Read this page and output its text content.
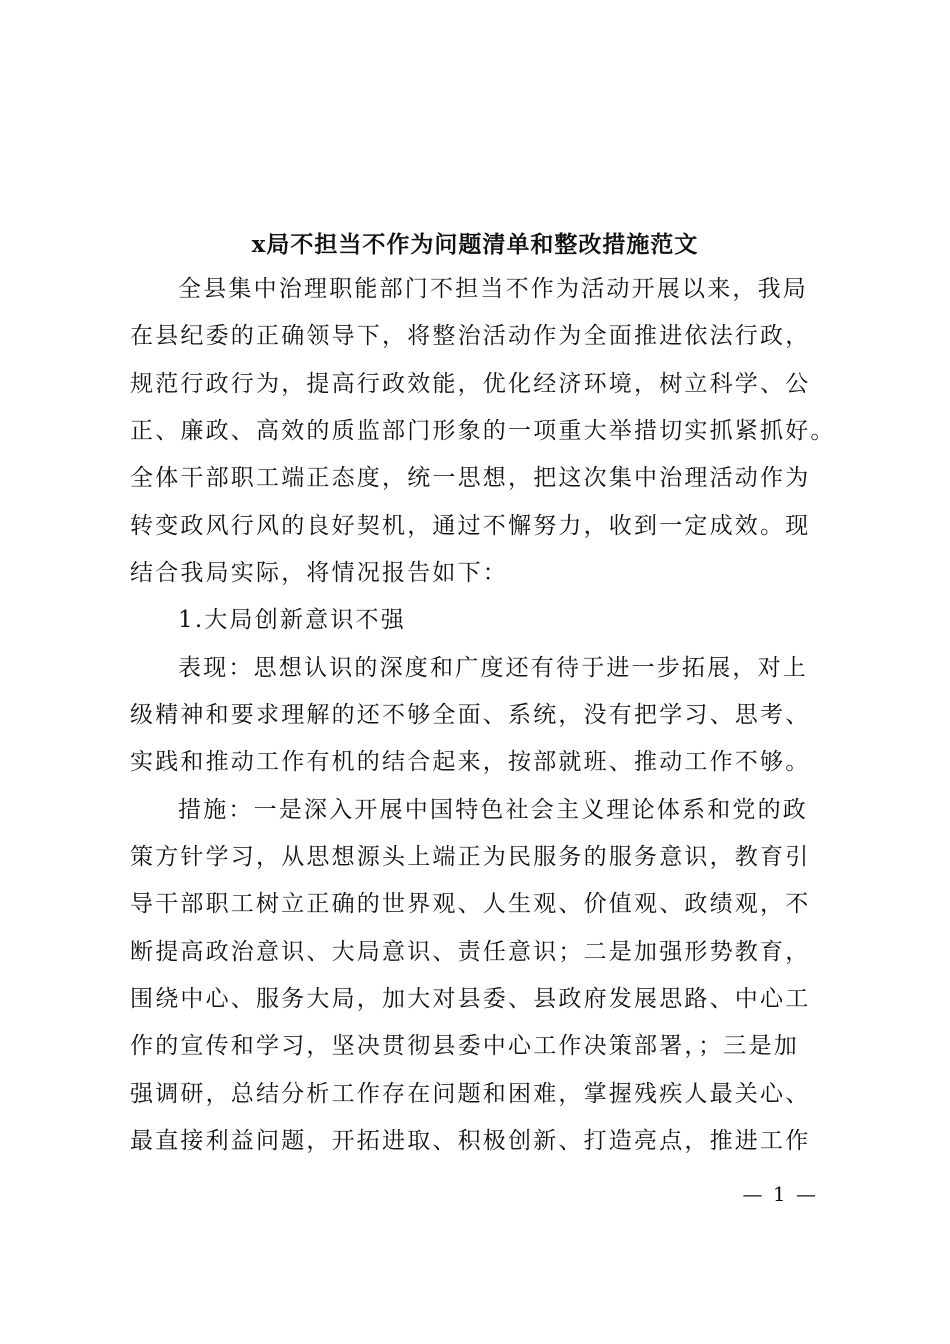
x局不担当不作为问题清单和整改措施范文
全县集中治理职能部门不担当不作为活动开展以来，我局
在县纪委的正确领导下，将整治活动作为全面推进依法行政，
规范行政行为，提高行政效能，优化经济环境，树立科学、公
正、廉政、高效的质监部门形象的一项重大举措切实抓紧抓好。
全体干部职工端正态度，统一思想，把这次集中治理活动作为
转变政风行风的良好契机，通过不懈努力，收到一定成效。现
结合我局实际，将情况报告如下：
1.大局创新意识不强
表现：思想认识的深度和广度还有待于进一步拓展，对上
级精神和要求理解的还不够全面、系统，没有把学习、思考、
实践和推动工作有机的结合起来，按部就班、推动工作不够。
措施：一是深入开展中国特色社会主义理论体系和党的政
策方针学习，从思想源头上端正为民服务的服务意识，教育引
导干部职工树立正确的世界观、人生观、价值观、政绩观，不
断提高政治意识、大局意识、责任意识；二是加强形势教育，
围绕中心、服务大局，加大对县委、县政府发展思路、中心工
作的宣传和学习，坚决贯彻县委中心工作决策部署，；三是加
强调研，总结分析工作存在问题和困难，掌握残疾人最关心、
最直接利益问题，开拓进取、积极创新、打造亮点，推进工作
— 1 —
